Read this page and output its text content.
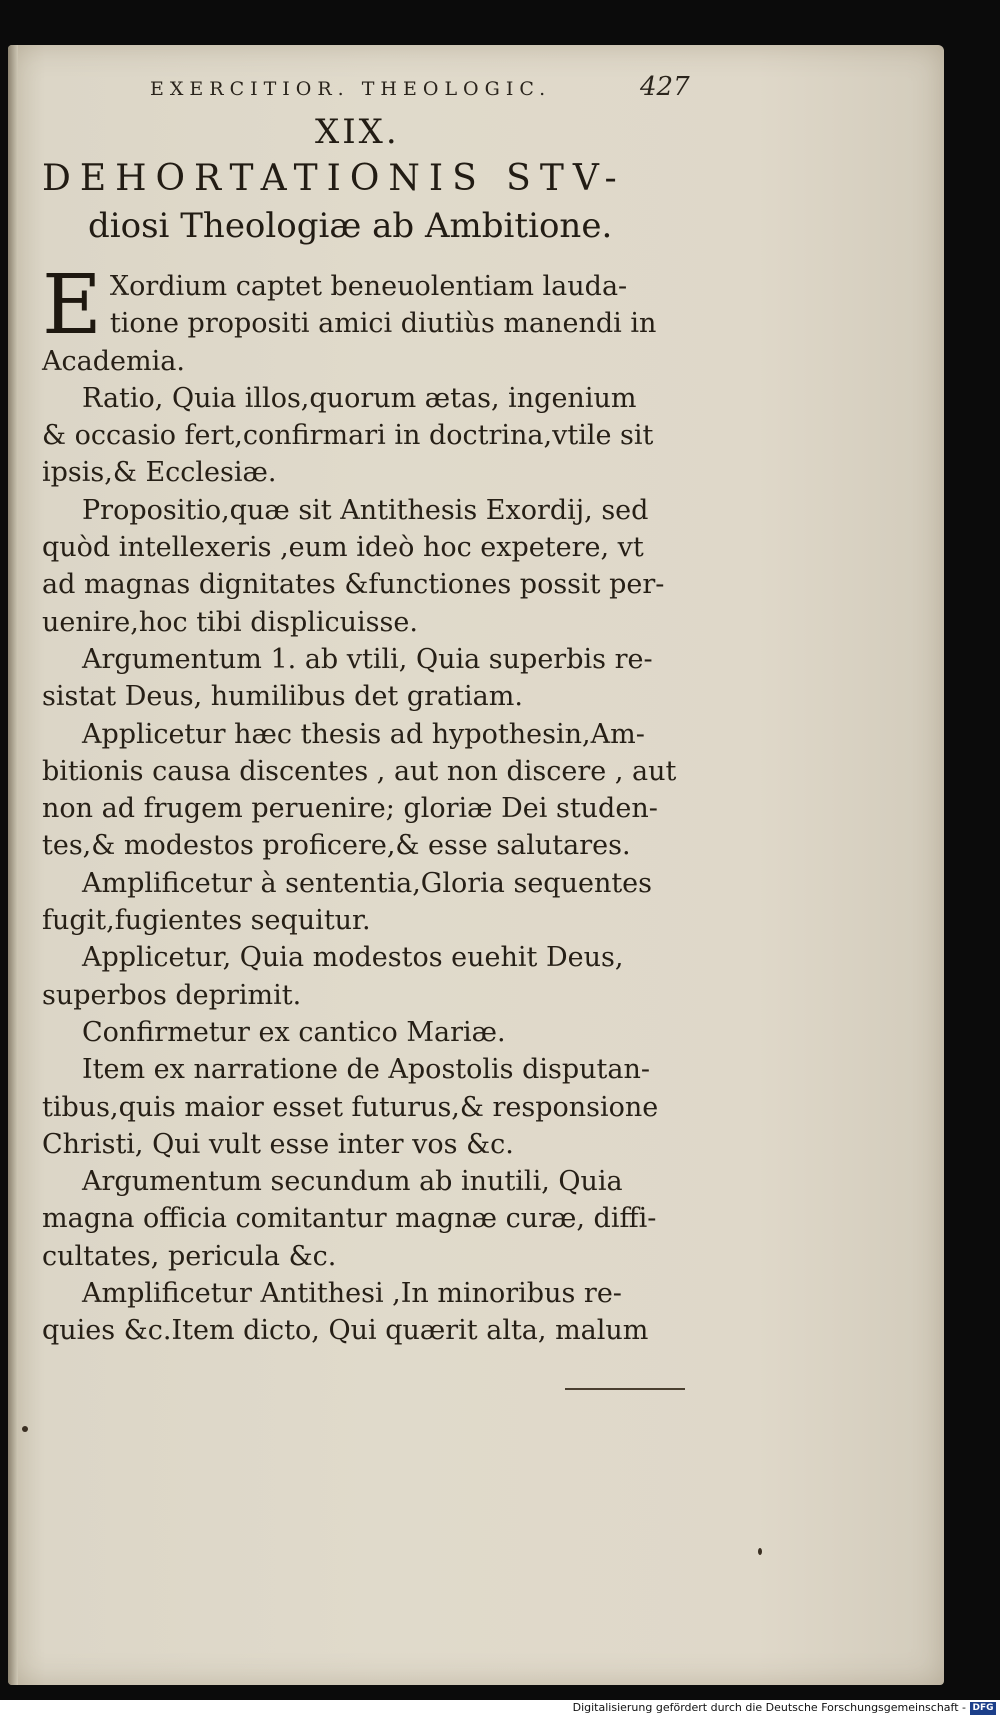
EXERCITIOR. THEOLOGIC.	427
XIX.
DEHORTATIONIS STV-
diosi Theologiæ ab Ambitione.

E Xordium captet beneuolentiam lauda-
tione propositi amici diutiùs manendi in
Academia.

Ratio, Quia illos,quorum ætas, ingenium
& occasio fert,confirmari in doctrina,vtile sit
ipsis,& Ecclesiæ.

Propositio,quæ sit Antithesis Exordij, sed
quòd intellexeris ,eum ideò hoc expetere, vt
ad magnas dignitates &functiones possit per-
uenire,hoc tibi displicuisse.

Argumentum 1. ab vtili, Quia superbis re-
sistat Deus, humilibus det gratiam.

Applicetur hæc thesis ad hypothesin,Am-
bitionis causa discentes , aut non discere , aut
non ad frugem peruenire; gloriæ Dei studen-
tes,& modestos proficere,& esse salutares.

Amplificetur à sententia,Gloria sequentes
fugit,fugientes sequitur.

Applicetur, Quia modestos euehit Deus,
superbos deprimit.

Confirmetur ex cantico Mariæ.

Item ex narratione de Apostolis disputan-
tibus,quis maior esset futurus,& responsione
Christi, Qui vult esse inter vos &c.

Argumentum secundum ab inutili, Quia
magna officia comitantur magnæ curæ, diffi-
cultates, pericula &c.

Amplificetur Antithesi ,In minoribus re-
quies &c.Item dicto, Qui quærit alta, malum

Digitalisierung gefördert durch die Deutsche Forschungsgemeinschaft - DFG
